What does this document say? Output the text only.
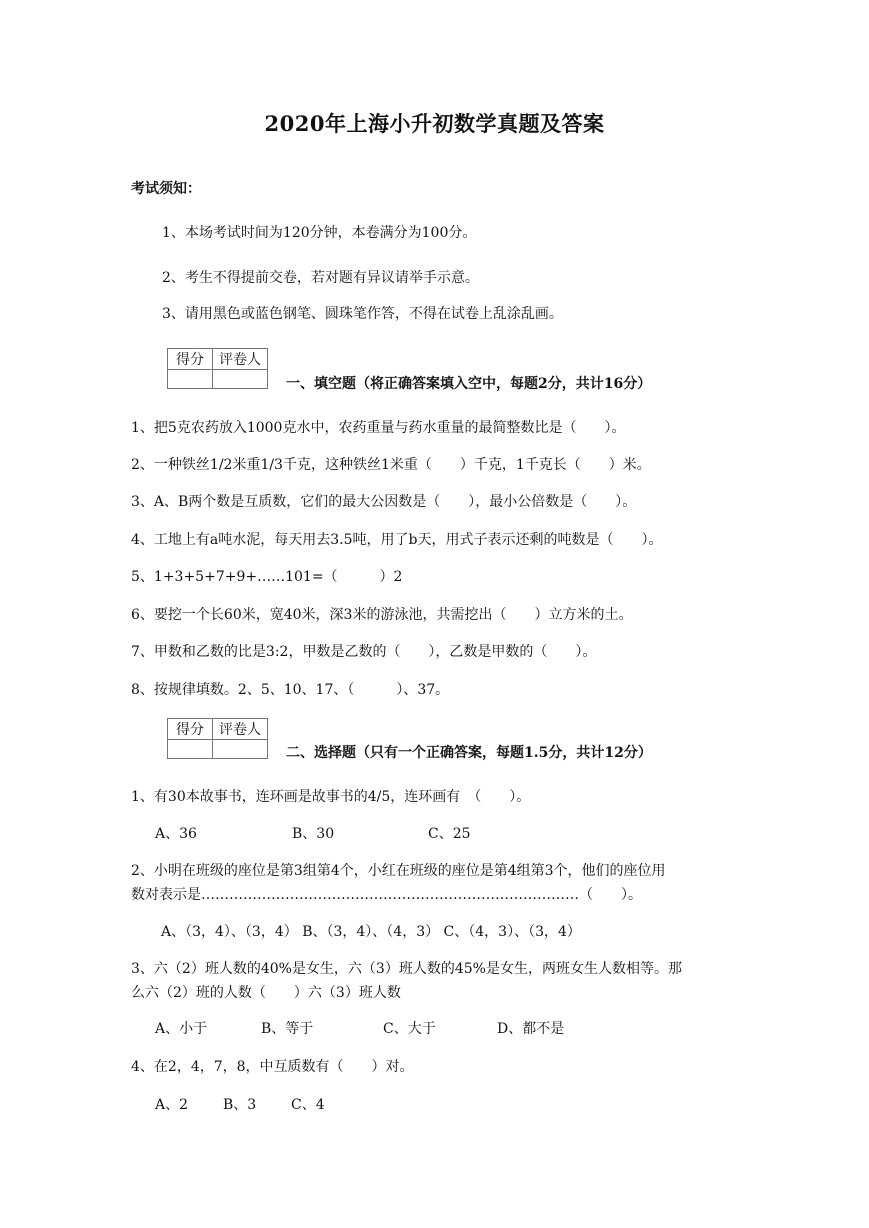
2020年上海小升初数学真题及答案
考试须知：
1、本场考试时间为120分钟，本卷满分为100分。
2、考生不得提前交卷，若对题有异议请举手示意。
3、请用黑色或蓝色钢笔、圆珠笔作答，不得在试卷上乱涂乱画。
得分	评卷人

一、填空题（将正确答案填入空中，每题2分，共计16分）
1、把5克农药放入1000克水中，农药重量与药水重量的最简整数比是（　　）。
2、一种铁丝1/2米重1/3千克，这种铁丝1米重（　　）千克，1千克长（　　）米。
3、A、B两个数是互质数，它们的最大公因数是（　　），最小公倍数是（　　）。
4、工地上有a吨水泥，每天用去3.5吨，用了b天，用式子表示还剩的吨数是（　　）。
5、1+3+5+7+9+……101=（　　　）2
6、要挖一个长60米，宽40米，深3米的游泳池，共需挖出（　　）立方米的土。
7、甲数和乙数的比是3:2，甲数是乙数的（　　），乙数是甲数的（　　）。
8、按规律填数。2、5、10、17、（　　　）、37。
得分	评卷人

二、选择题（只有一个正确答案，每题1.5分，共计12分）
1、有30本故事书，连环画是故事书的4/5，连环画有　（　　）。
A、36	B、30	C、25
2、小明在班级的座位是第3组第4个，小红在班级的座位是第4组第3个，他们的座位用
数对表示是………………………………………………………………………（　　）。
A、（3，4）、（3，4） B、（3，4）、（4，3） C、（4，3）、（3，4）
3、六（2）班人数的40%是女生，六（3）班人数的45%是女生，两班女生人数相等。那
么六（2）班的人数（　　）六（3）班人数
A、小于	B、等于	C、大于	D、都不是
4、在2，4，7，8，中互质数有（　　）对。
A、2 B、3 C、4
